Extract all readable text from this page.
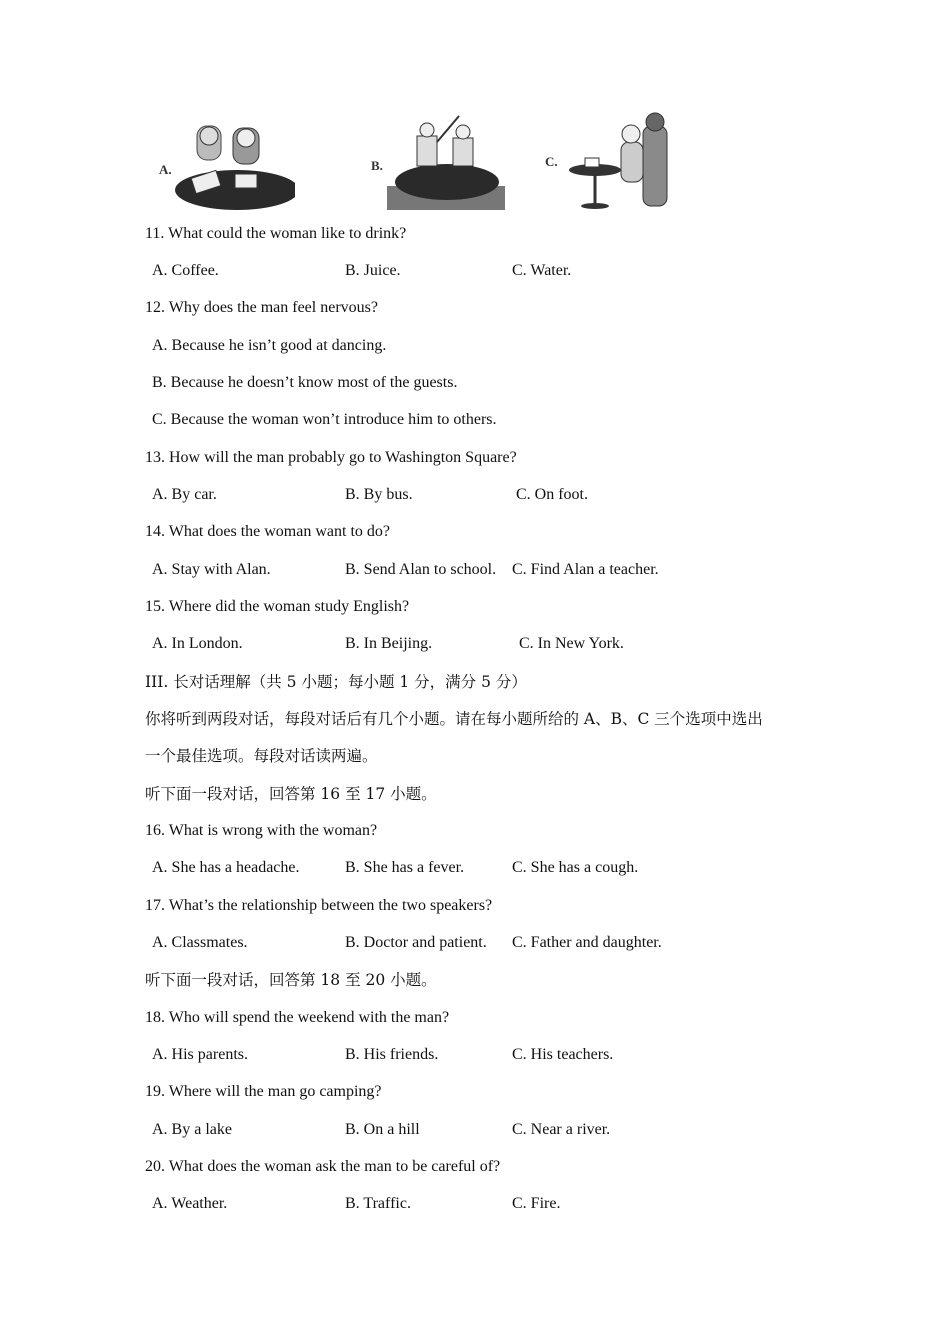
A.	B.	C.
11. What could the woman like to drink?
A. Coffee.	B. Juice.	C. Water.
12. Why does the man feel nervous?
A. Because he isn’t good at dancing.
B. Because he doesn’t know most of the guests.
C. Because the woman won’t introduce him to others.
13. How will the man probably go to Washington Square?
A. By car.	B. By bus.	C. On foot.
14. What does the woman want to do?
A. Stay with Alan.	B. Send Alan to school. C. Find Alan a teacher.
15. Where did the woman study English?
A. In London.	B. In Beijing.	C. In New York.
III. 长对话理解（共 5 小题；每小题 1 分，满分 5 分）
你将听到两段对话，每段对话后有几个小题。请在每小题所给的 A、B、C 三个选项中选出
一个最佳选项。每段对话读两遍。
听下面一段对话，回答第 16 至 17 小题。
16. What is wrong with the woman?
A. She has a headache.	B. She has a fever.	C. She has a cough.
17. What’s the relationship between the two speakers?
A. Classmates.	B. Doctor and patient. C. Father and daughter.
听下面一段对话，回答第 18 至 20 小题。
18. Who will spend the weekend with the man?
A. His parents.	B. His friends.	C. His teachers.
19. Where will the man go camping?
A. By a lake	B. On a hill	C. Near a river.
20. What does the woman ask the man to be careful of?
A. Weather.	B. Traffic.	C. Fire.
